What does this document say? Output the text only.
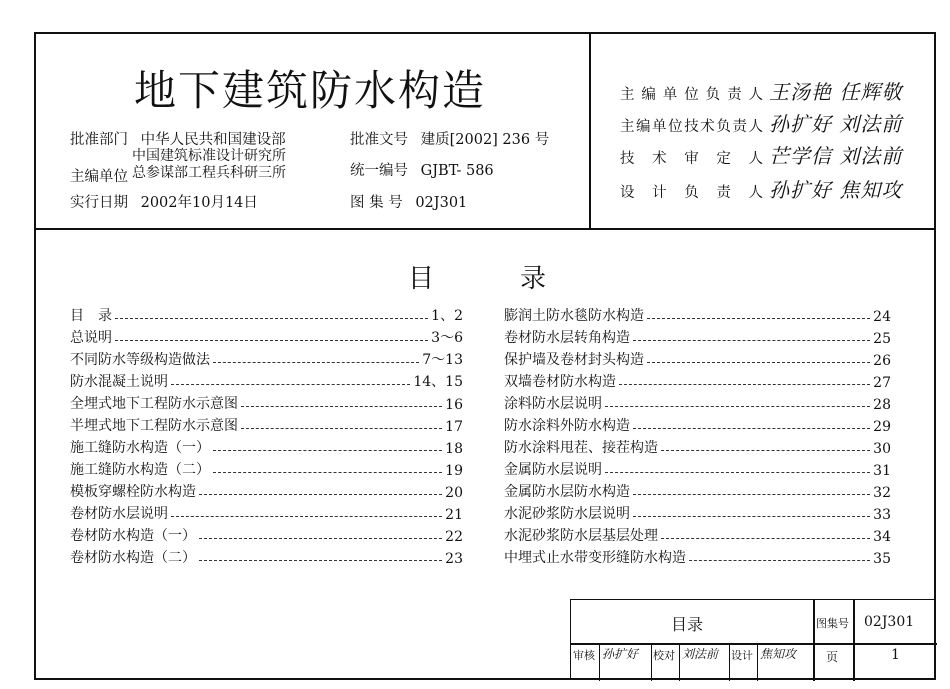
地下建筑防水构造
批准部门 中华人民共和国建设部
主编单位
中国建筑标准设计研究所
总参谋部工程兵科研三所
实行日期 2002年10月14日
批准文号 建质[2002] 236 号
统一编号 GJBT- 586
图 集 号 02J301
主编单位负责人 王汤艳 任辉敬
主编单位技术负责人 孙扩好 刘法前
技术审定人 芒学信 刘法前
设计负责人 孙扩好 焦知攻
目	录
目　录	1、2
总说明	3～6
不同防水等级构造做法	7～13
防水混凝土说明	14、15
全埋式地下工程防水示意图	16
半埋式地下工程防水示意图	17
施工缝防水构造（一）	18
施工缝防水构造（二）	19
模板穿螺栓防水构造	20
卷材防水层说明	21
卷材防水构造（一）	22
卷材防水构造（二）	23
膨润土防水毯防水构造	24
卷材防水层转角构造	25
保护墙及卷材封头构造	26
双墙卷材防水构造	27
涂料防水层说明	28
防水涂料外防水构造	29
防水涂料甩茬、接茬构造	30
金属防水层说明	31
金属防水层防水构造	32
水泥砂浆防水层说明	33
水泥砂浆防水层基层处理	34
中埋式止水带变形缝防水构造	35
目录	图集号 02J301
审核 孙扩好 校对 刘法前 设计 焦知攻 页	1
